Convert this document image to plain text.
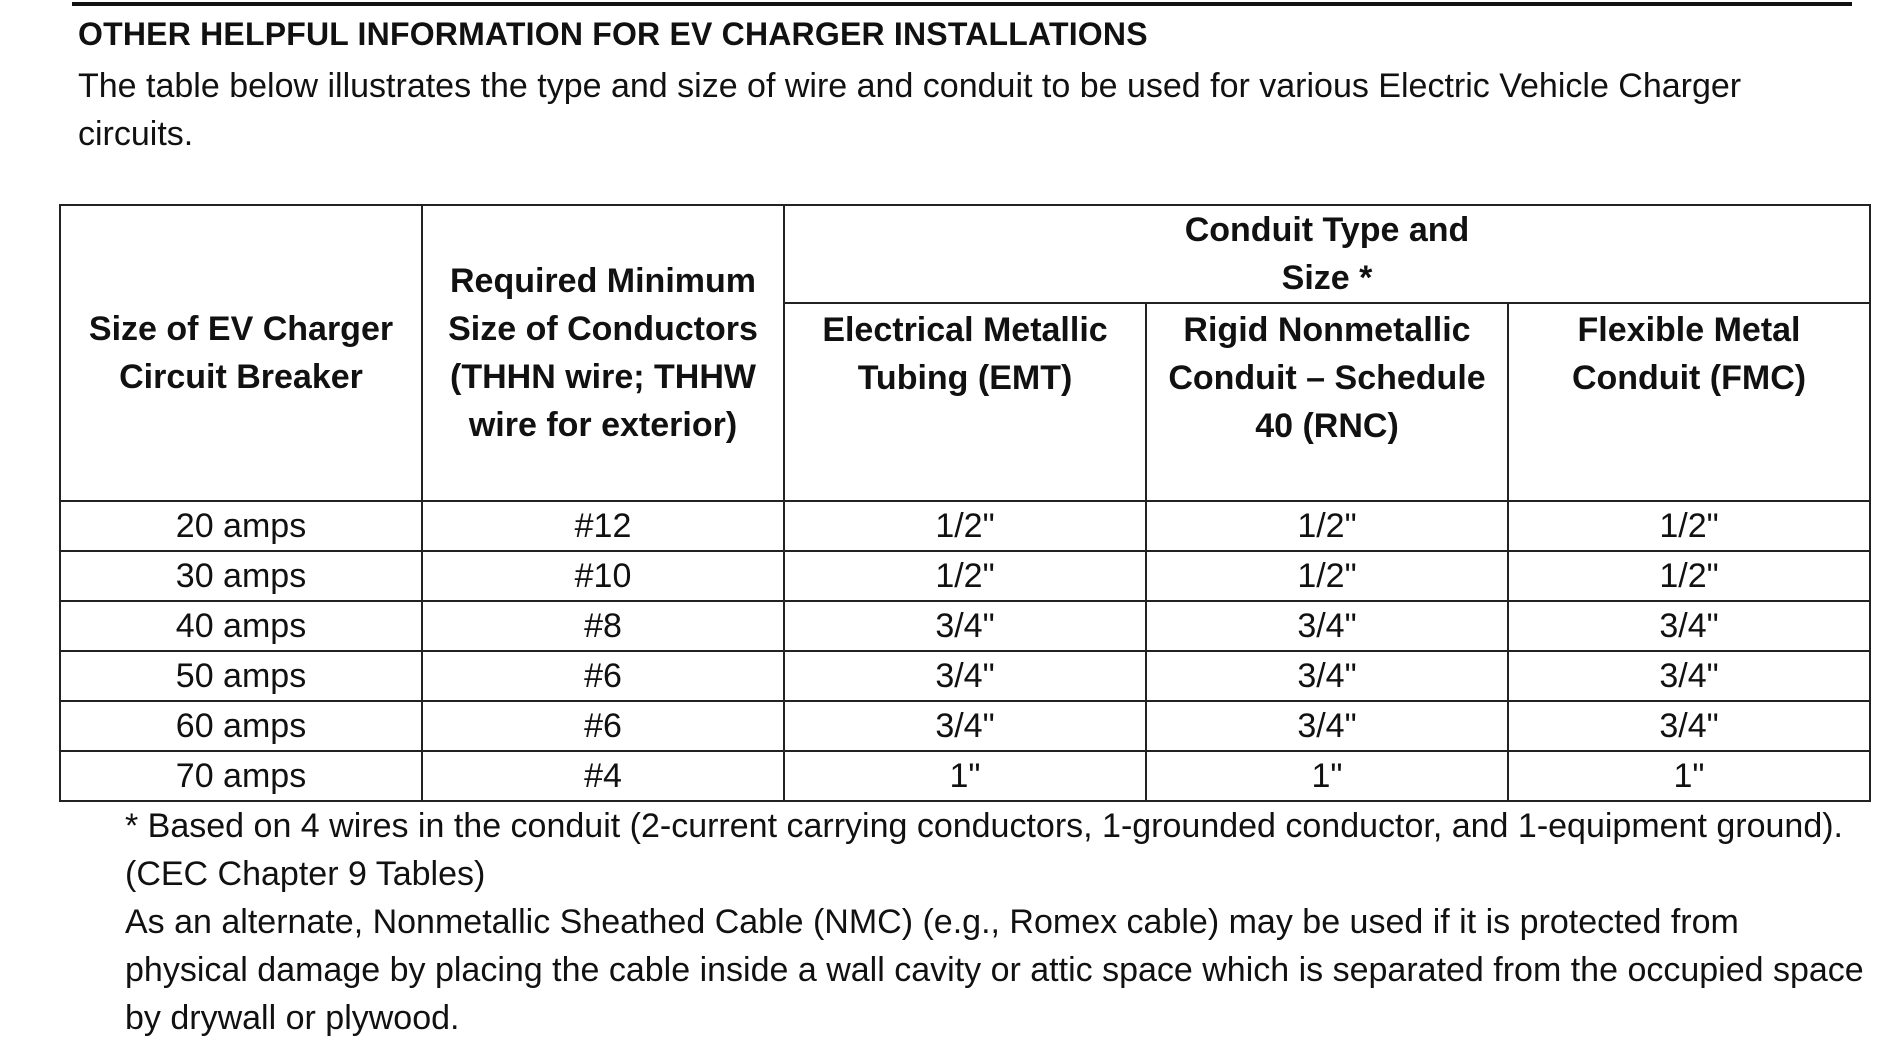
OTHER HELPFUL INFORMATION FOR EV CHARGER INSTALLATIONS
The table below illustrates the type and size of wire and conduit to be used for various Electric Vehicle Charger circuits.
Size of EV Charger Circuit Breaker	Required Minimum Size of Conductors (THHN wire; THHW wire for exterior)	Conduit Type and Size *		

		Electrical Metallic Tubing (EMT)	Rigid Nonmetallic Conduit – Schedule 40 (RNC)	Flexible Metal Conduit (FMC)

20 amps	#12	1/2"	1/2"	1/2"
30 amps	#10	1/2"	1/2"	1/2"
40 amps	#8	3/4"	3/4"	3/4"
50 amps	#6	3/4"	3/4"	3/4"
60 amps	#6	3/4"	3/4"	3/4"
70 amps	#4	1"	1"	1"

* Based on 4 wires in the conduit (2-current carrying conductors, 1-grounded conductor, and 1-equipment ground). (CEC Chapter 9 Tables)

As an alternate, Nonmetallic Sheathed Cable (NMC) (e.g., Romex cable) may be used if it is protected from physical damage by placing the cable inside a wall cavity or attic space which is separated from the occupied space by drywall or plywood.
